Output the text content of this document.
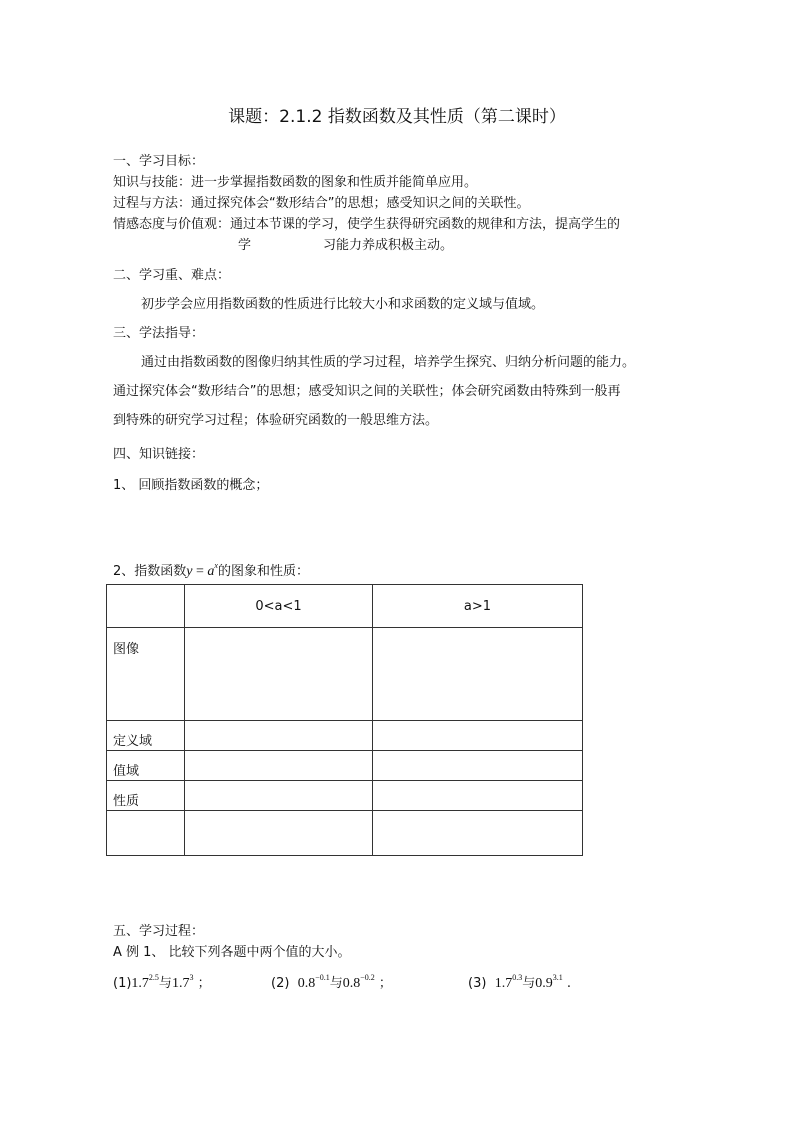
课题：2.1.2 指数函数及其性质（第二课时）
一、学习目标：
知识与技能：进一步掌握指数函数的图象和性质并能简单应用。
过程与方法：通过探究体会“数形结合”的思想；感受知识之间的关联性。
情感态度与价值观：通过本节课的学习，使学生获得研究函数的规律和方法，提高学生的
学	习能力养成积极主动。
二、学习重、难点：
初步学会应用指数函数的性质进行比较大小和求函数的定义域与值域。
三、学法指导：
通过由指数函数的图像归纳其性质的学习过程，培养学生探究、归纳分析问题的能力。
通过探究体会“数形结合”的思想；感受知识之间的关联性；体会研究函数由特殊到一般再
到特殊的研究学习过程；体验研究函数的一般思维方法。
四、知识链接：
1、 回顾指数函数的概念；
2、指数函数$y = a^x$的图象和性质：
	0<a<1	a>1
图像		
定义域		
值域		
性质		

五、学习过程：
A 例 1、 比较下列各题中两个值的大小。
$(1)1.7^{2.5}$与$1.7^3$ ；	(2) $0.8^{-0.1}$与$0.8^{-0.2}$ ；	(3) $1.7^{0.3}$与$0.9^{3.1}$ .
